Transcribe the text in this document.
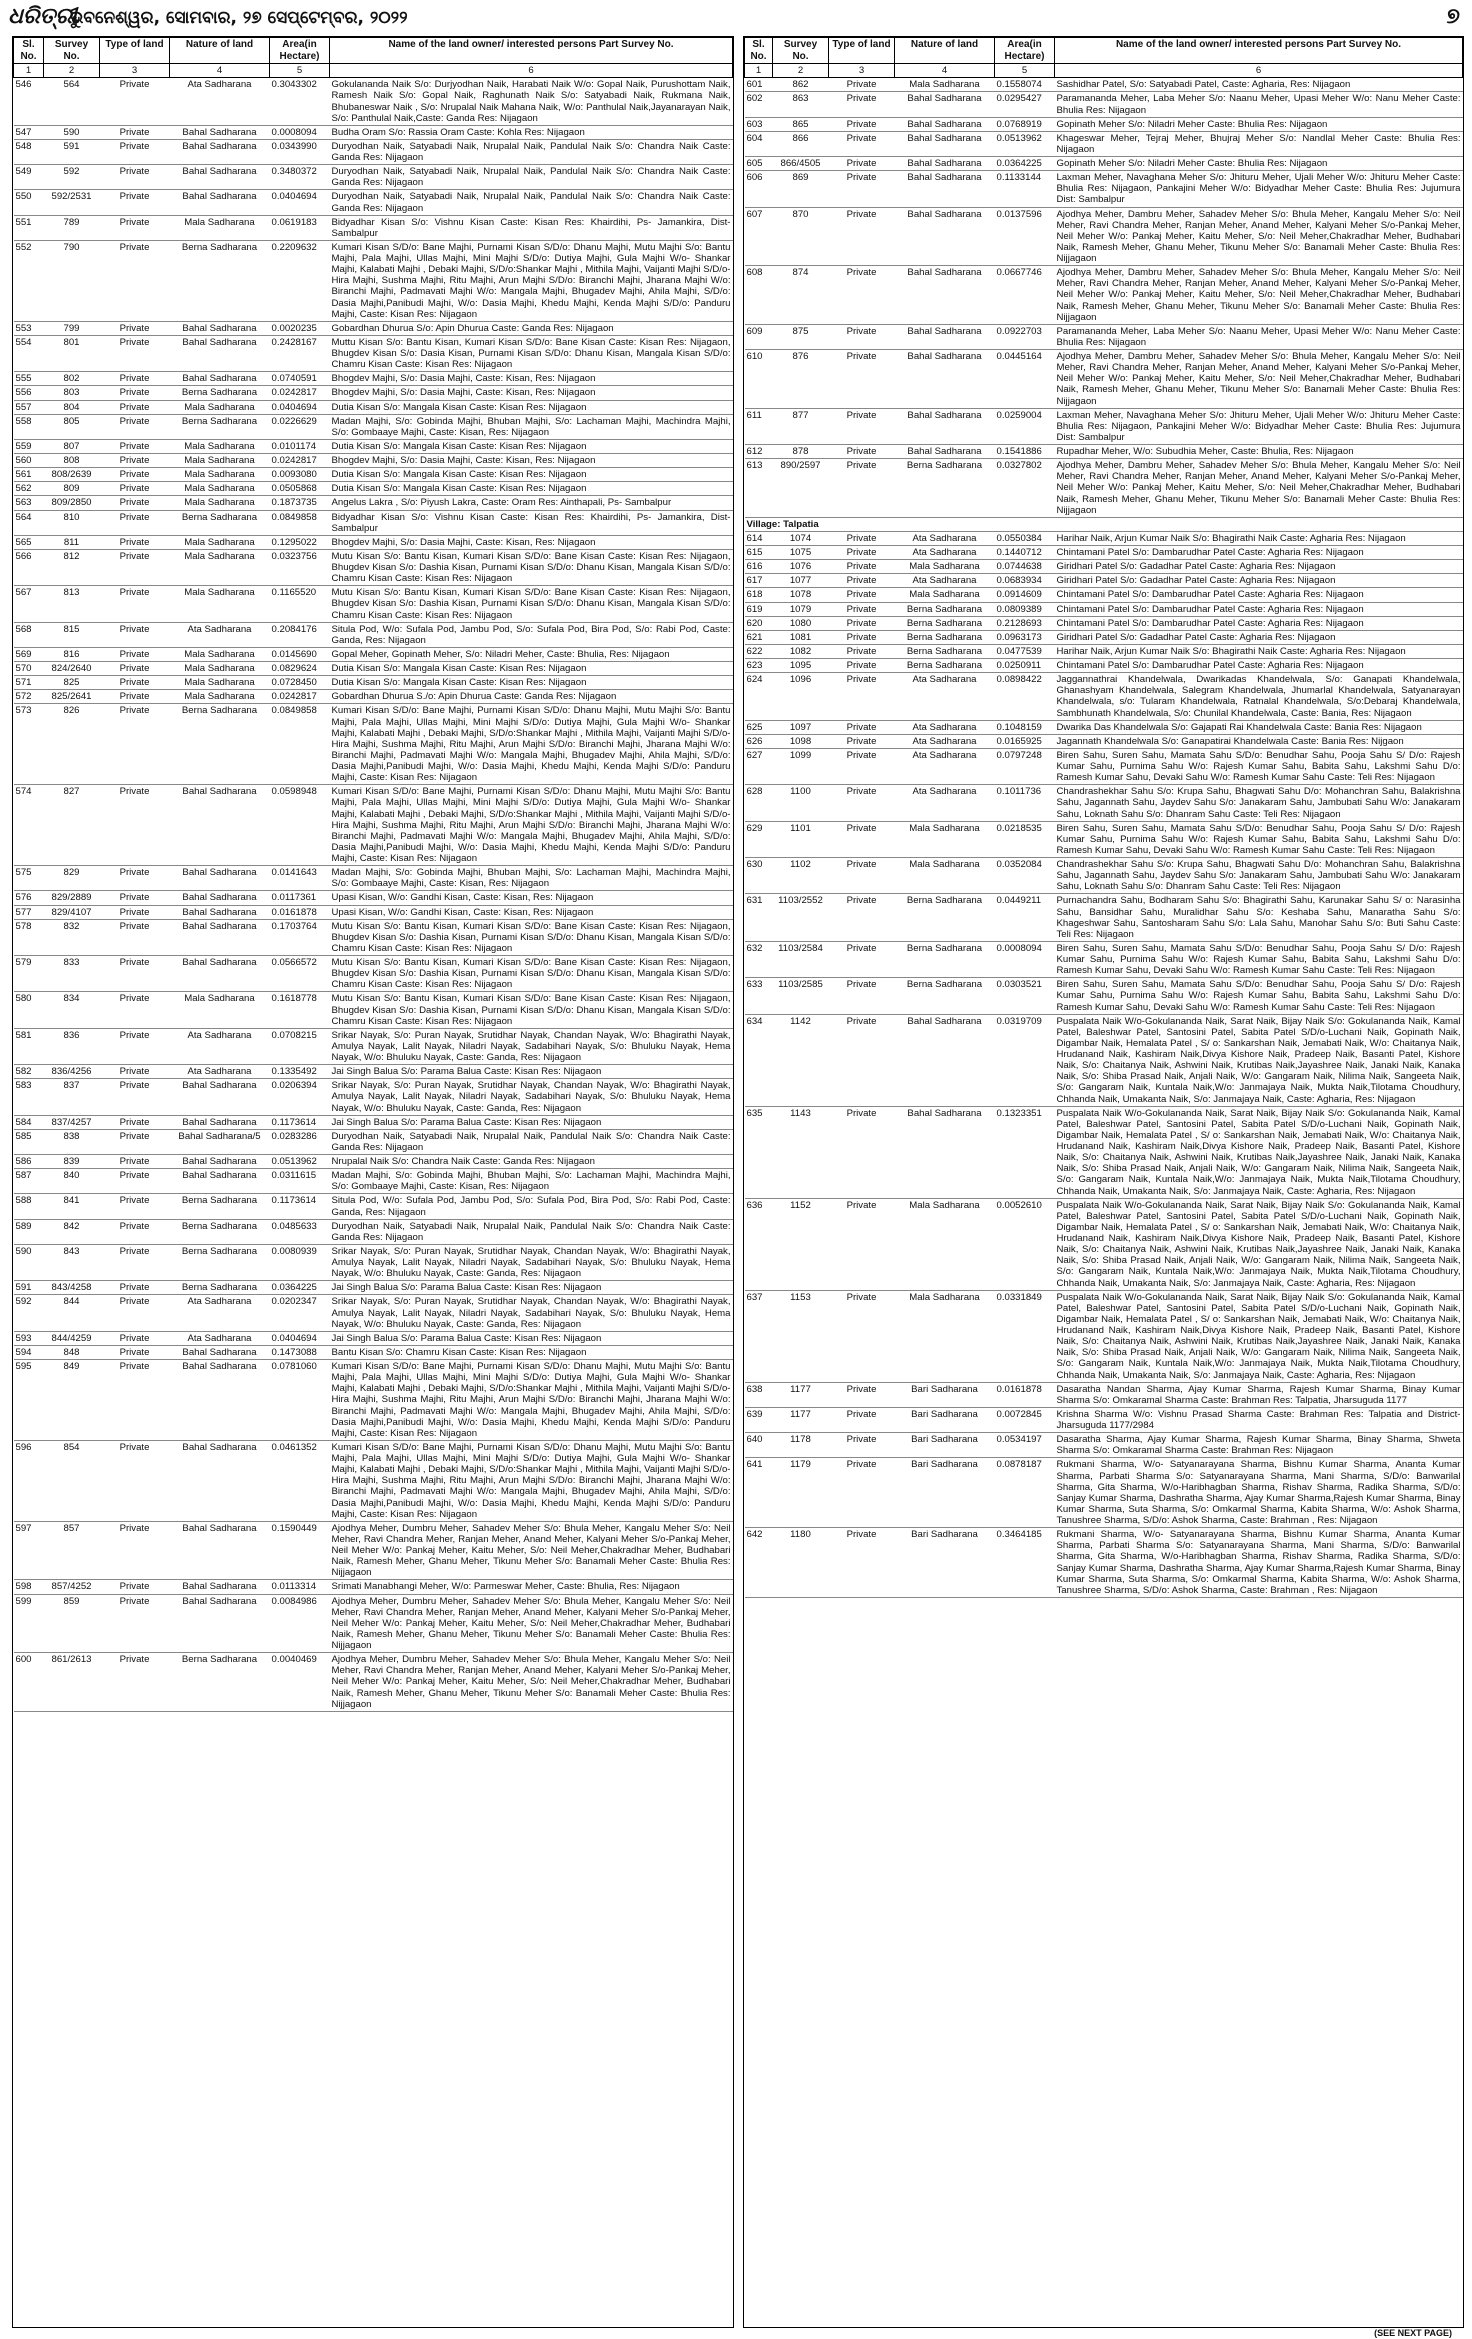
ଧରିତ୍ରୀ
ଭୁବନେଶ୍ୱର, ସୋମବାର, ୨୭ ସେପ୍ଟେମ୍ବର, ୨୦୨୨	୭
Sl. No.	Survey No.	Type of land	Nature of land	Area(in Hectare)	Name of the land owner/ interested persons Part Survey No.
1	2	3	4	5	6
546	564	Private	Ata Sadharana	0.3043302	Gokulananda Naik S/o: Durjyodhan Naik, Harabati Naik W/o: Gopal Naik, Purushottam Naik, Ramesh Naik S/o: Gopal Naik, Raghunath Naik S/o: Satyabadi Naik, Rukmana Naik, Bhubaneswar Naik , S/o: Nrupalal Naik Mahana Naik, W/o: Panthulal Naik,Jayanarayan Naik, S/o: Panthulal Naik,Caste: Ganda Res: Nijagaon
547	590	Private	Bahal Sadharana	0.0008094	Budha Oram S/o: Rassia Oram Caste: Kohla Res: Nijagaon
548	591	Private	Bahal Sadharana	0.0343990	Duryodhan Naik, Satyabadi Naik, Nrupalal Naik, Pandulal Naik S/o: Chandra Naik Caste: Ganda Res: Nijagaon
549	592	Private	Bahal Sadharana	0.3480372	Duryodhan Naik, Satyabadi Naik, Nrupalal Naik, Pandulal Naik S/o: Chandra Naik Caste: Ganda Res: Nijagaon
550	592/2531	Private	Bahal Sadharana	0.0404694	Duryodhan Naik, Satyabadi Naik, Nrupalal Naik, Pandulal Naik S/o: Chandra Naik Caste: Ganda Res: Nijagaon
551	789	Private	Mala Sadharana	0.0619183	Bidyadhar Kisan S/o: Vishnu Kisan Caste: Kisan Res: Khairdihi, Ps- Jamankira, Dist-Sambalpur
552	790	Private	Berna Sadharana	0.2209632	Kumari Kisan S/D/o: Bane Majhi, Purnami Kisan S/D/o: Dhanu Majhi, Mutu Majhi S/o: Bantu Majhi, Pala Majhi, Ullas Majhi, Mini Majhi S/D/o: Dutiya Majhi, Gula Majhi W/o- Shankar Majhi, Kalabati Majhi , Debaki Majhi, S/D/o:Shankar Majhi , Mithila Majhi, Vaijanti Majhi S/D/o- Hira Majhi, Sushma Majhi, Ritu Majhi, Arun Majhi S/D/o: Biranchi Majhi, Jharana Majhi W/o: Biranchi Majhi, Padmavati Majhi W/o: Mangala Majhi, Bhugadev Majhi, Ahila Majhi, S/D/o: Dasia Majhi,Panibudi Majhi, W/o: Dasia Majhi, Khedu Majhi, Kenda Majhi S/D/o: Panduru Majhi, Caste: Kisan Res: Nijagaon
553	799	Private	Bahal Sadharana	0.0020235	Gobardhan Dhurua S/o: Apin Dhurua Caste: Ganda Res: Nijagaon
554	801	Private	Bahal Sadharana	0.2428167	Muttu Kisan S/o: Bantu Kisan, Kumari Kisan S/D/o: Bane Kisan Caste: Kisan Res: Nijagaon, Bhugdev Kisan S/o: Dasia Kisan, Purnami Kisan S/D/o: Dhanu Kisan, Mangala Kisan S/D/o: Chamru Kisan Caste: Kisan Res: Nijagaon
555	802	Private	Bahal Sadharana	0.0740591	Bhogdev Majhi, S/o: Dasia Majhi, Caste: Kisan, Res: Nijagaon
556	803	Private	Berna Sadharana	0.0242817	Bhogdev Majhi, S/o: Dasia Majhi, Caste: Kisan, Res: Nijagaon
557	804	Private	Mala Sadharana	0.0404694	Dutia Kisan S/o: Mangala Kisan Caste: Kisan Res: Nijagaon
558	805	Private	Berna Sadharana	0.0226629	Madan Majhi, S/o: Gobinda Majhi, Bhuban Majhi, S/o: Lachaman Majhi, Machindra Majhi, S/o: Gombaaye Majhi, Caste: Kisan, Res: Nijagaon
559	807	Private	Mala Sadharana	0.0101174	Dutia Kisan S/o: Mangala Kisan Caste: Kisan Res: Nijagaon
560	808	Private	Mala Sadharana	0.0242817	Bhogdev Majhi, S/o: Dasia Majhi, Caste: Kisan, Res: Nijagaon
561	808/2639	Private	Mala Sadharana	0.0093080	Dutia Kisan S/o: Mangala Kisan Caste: Kisan Res: Nijagaon
562	809	Private	Mala Sadharana	0.0505868	Dutia Kisan S/o: Mangala Kisan Caste: Kisan Res: Nijagaon
563	809/2850	Private	Mala Sadharana	0.1873735	Angelus Lakra , S/o: Piyush Lakra, Caste: Oram Res: Ainthapali, Ps- Sambalpur
564	810	Private	Berna Sadharana	0.0849858	Bidyadhar Kisan S/o: Vishnu Kisan Caste: Kisan Res: Khairdihi, Ps- Jamankira, Dist-Sambalpur
565	811	Private	Mala Sadharana	0.1295022	Bhogdev Majhi, S/o: Dasia Majhi, Caste: Kisan, Res: Nijagaon
566	812	Private	Mala Sadharana	0.0323756	Mutu Kisan S/o: Bantu Kisan, Kumari Kisan S/D/o: Bane Kisan Caste: Kisan Res: Nijagaon, Bhugdev Kisan S/o: Dashia Kisan, Purnami Kisan S/D/o: Dhanu Kisan, Mangala Kisan S/D/o: Chamru Kisan Caste: Kisan Res: Nijagaon
567	813	Private	Mala Sadharana	0.1165520	Mutu Kisan S/o: Bantu Kisan, Kumari Kisan S/D/o: Bane Kisan Caste: Kisan Res: Nijagaon, Bhugdev Kisan S/o: Dashia Kisan, Purnami Kisan S/D/o: Dhanu Kisan, Mangala Kisan S/D/o: Chamru Kisan Caste: Kisan Res: Nijagaon
568	815	Private	Ata Sadharana	0.2084176	Situla Pod, W/o: Sufala Pod, Jambu Pod, S/o: Sufala Pod, Bira Pod, S/o: Rabi Pod, Caste: Ganda, Res: Nijagaon
569	816	Private	Mala Sadharana	0.0145690	Gopal Meher, Gopinath Meher, S/o: Niladri Meher, Caste: Bhulia, Res: Nijagaon
570	824/2640	Private	Mala Sadharana	0.0829624	Dutia Kisan S/o: Mangala Kisan Caste: Kisan Res: Nijagaon
571	825	Private	Mala Sadharana	0.0728450	Dutia Kisan S/o: Mangala Kisan Caste: Kisan Res: Nijagaon
572	825/2641	Private	Mala Sadharana	0.0242817	Gobardhan Dhurua S./o: Apin Dhurua Caste: Ganda Res: Nijagaon
573	826	Private	Berna Sadharana	0.0849858	Kumari Kisan S/D/o: Bane Majhi, Purnami Kisan S/D/o: Dhanu Majhi, Mutu Majhi S/o: Bantu Majhi, Pala Majhi, Ullas Majhi, Mini Majhi S/D/o: Dutiya Majhi, Gula Majhi W/o- Shankar Majhi, Kalabati Majhi , Debaki Majhi, S/D/o:Shankar Majhi , Mithila Majhi, Vaijanti Majhi S/D/o- Hira Majhi, Sushma Majhi, Ritu Majhi, Arun Majhi S/D/o: Biranchi Majhi, Jharana Majhi W/o: Biranchi Majhi, Padmavati Majhi W/o: Mangala Majhi, Bhugadev Majhi, Ahila Majhi, S/D/o: Dasia Majhi,Panibudi Majhi, W/o: Dasia Majhi, Khedu Majhi, Kenda Majhi S/D/o: Panduru Majhi, Caste: Kisan Res: Nijagaon
574	827	Private	Bahal Sadharana	0.0598948	Kumari Kisan S/D/o: Bane Majhi, Purnami Kisan S/D/o: Dhanu Majhi, Mutu Majhi S/o: Bantu Majhi, Pala Majhi, Ullas Majhi, Mini Majhi S/D/o: Dutiya Majhi, Gula Majhi W/o- Shankar Majhi, Kalabati Majhi , Debaki Majhi, S/D/o:Shankar Majhi , Mithila Majhi, Vaijanti Majhi S/D/o- Hira Majhi, Sushma Majhi, Ritu Majhi, Arun Majhi S/D/o: Biranchi Majhi, Jharana Majhi W/o: Biranchi Majhi, Padmavati Majhi W/o: Mangala Majhi, Bhugadev Majhi, Ahila Majhi, S/D/o: Dasia Majhi,Panibudi Majhi, W/o: Dasia Majhi, Khedu Majhi, Kenda Majhi S/D/o: Panduru Majhi, Caste: Kisan Res: Nijagaon
575	829	Private	Bahal Sadharana	0.0141643	Madan Majhi, S/o: Gobinda Majhi, Bhuban Majhi, S/o: Lachaman Majhi, Machindra Majhi, S/o: Gombaaye Majhi, Caste: Kisan, Res: Nijagaon
576	829/2889	Private	Bahal Sadharana	0.0117361	Upasi Kisan, W/o: Gandhi Kisan, Caste: Kisan, Res: Nijagaon
577	829/4107	Private	Bahal Sadharana	0.0161878	Upasi Kisan, W/o: Gandhi Kisan, Caste: Kisan, Res: Nijagaon
578	832	Private	Bahal Sadharana	0.1703764	Mutu Kisan S/o: Bantu Kisan, Kumari Kisan S/D/o: Bane Kisan Caste: Kisan Res: Nijagaon, Bhugdev Kisan S/o: Dashia Kisan, Purnami Kisan S/D/o: Dhanu Kisan, Mangala Kisan S/D/o: Chamru Kisan Caste: Kisan Res: Nijagaon
579	833	Private	Bahal Sadharana	0.0566572	Mutu Kisan S/o: Bantu Kisan, Kumari Kisan S/D/o: Bane Kisan Caste: Kisan Res: Nijagaon, Bhugdev Kisan S/o: Dashia Kisan, Purnami Kisan S/D/o: Dhanu Kisan, Mangala Kisan S/D/o: Chamru Kisan Caste: Kisan Res: Nijagaon
580	834	Private	Mala Sadharana	0.1618778	Mutu Kisan S/o: Bantu Kisan, Kumari Kisan S/D/o: Bane Kisan Caste: Kisan Res: Nijagaon, Bhugdev Kisan S/o: Dashia Kisan, Purnami Kisan S/D/o: Dhanu Kisan, Mangala Kisan S/D/o: Chamru Kisan Caste: Kisan Res: Nijagaon
581	836	Private	Ata Sadharana	0.0708215	Srikar Nayak, S/o: Puran Nayak, Srutidhar Nayak, Chandan Nayak, W/o: Bhagirathi Nayak, Amulya Nayak, Lalit Nayak, Niladri Nayak, Sadabihari Nayak, S/o: Bhuluku Nayak, Hema Nayak, W/o: Bhuluku Nayak, Caste: Ganda, Res: Nijagaon
582	836/4256	Private	Ata Sadharana	0.1335492	Jai Singh Balua S/o: Parama Balua Caste: Kisan Res: Nijagaon
583	837	Private	Bahal Sadharana	0.0206394	Srikar Nayak, S/o: Puran Nayak, Srutidhar Nayak, Chandan Nayak, W/o: Bhagirathi Nayak, Amulya Nayak, Lalit Nayak, Niladri Nayak, Sadabihari Nayak, S/o: Bhuluku Nayak, Hema Nayak, W/o: Bhuluku Nayak, Caste: Ganda, Res: Nijagaon
584	837/4257	Private	Bahal Sadharana	0.1173614	Jai Singh Balua S/o: Parama Balua Caste: Kisan Res: Nijagaon
585	838	Private	Bahal Sadharana/5	0.0283286	Duryodhan Naik, Satyabadi Naik, Nrupalal Naik, Pandulal Naik S/o: Chandra Naik Caste: Ganda Res: Nijagaon
586	839	Private	Bahal Sadharana	0.0513962	Nrupalal Naik S/o: Chandra Naik Caste: Ganda Res: Nijagaon
587	840	Private	Bahal Sadharana	0.0311615	Madan Majhi, S/o: Gobinda Majhi, Bhuban Majhi, S/o: Lachaman Majhi, Machindra Majhi, S/o: Gombaaye Majhi, Caste: Kisan, Res: Nijagaon
588	841	Private	Berna Sadharana	0.1173614	Situla Pod, W/o: Sufala Pod, Jambu Pod, S/o: Sufala Pod, Bira Pod, S/o: Rabi Pod, Caste: Ganda, Res: Nijagaon
589	842	Private	Berna Sadharana	0.0485633	Duryodhan Naik, Satyabadi Naik, Nrupalal Naik, Pandulal Naik S/o: Chandra Naik Caste: Ganda Res: Nijagaon
590	843	Private	Berna Sadharana	0.0080939	Srikar Nayak, S/o: Puran Nayak, Srutidhar Nayak, Chandan Nayak, W/o: Bhagirathi Nayak, Amulya Nayak, Lalit Nayak, Niladri Nayak, Sadabihari Nayak, S/o: Bhuluku Nayak, Hema Nayak, W/o: Bhuluku Nayak, Caste: Ganda, Res: Nijagaon
591	843/4258	Private	Berna Sadharana	0.0364225	Jai Singh Balua S/o: Parama Balua Caste: Kisan Res: Nijagaon
592	844	Private	Ata Sadharana	0.0202347	Srikar Nayak, S/o: Puran Nayak, Srutidhar Nayak, Chandan Nayak, W/o: Bhagirathi Nayak, Amulya Nayak, Lalit Nayak, Niladri Nayak, Sadabihari Nayak, S/o: Bhuluku Nayak, Hema Nayak, W/o: Bhuluku Nayak, Caste: Ganda, Res: Nijagaon
593	844/4259	Private	Ata Sadharana	0.0404694	Jai Singh Balua S/o: Parama Balua Caste: Kisan Res: Nijagaon
594	848	Private	Bahal Sadharana	0.1473088	Bantu Kisan S/o: Chamru Kisan Caste: Kisan Res: Nijagaon
595	849	Private	Bahal Sadharana	0.0781060	Kumari Kisan S/D/o: Bane Majhi, Purnami Kisan S/D/o: Dhanu Majhi, Mutu Majhi S/o: Bantu Majhi, Pala Majhi, Ullas Majhi, Mini Majhi S/D/o: Dutiya Majhi, Gula Majhi W/o- Shankar Majhi, Kalabati Majhi , Debaki Majhi, S/D/o:Shankar Majhi , Mithila Majhi, Vaijanti Majhi S/D/o- Hira Majhi, Sushma Majhi, Ritu Majhi, Arun Majhi S/D/o: Biranchi Majhi, Jharana Majhi W/o: Biranchi Majhi, Padmavati Majhi W/o: Mangala Majhi, Bhugadev Majhi, Ahila Majhi, S/D/o: Dasia Majhi,Panibudi Majhi, W/o: Dasia Majhi, Khedu Majhi, Kenda Majhi S/D/o: Panduru Majhi, Caste: Kisan Res: Nijagaon
596	854	Private	Bahal Sadharana	0.0461352	Kumari Kisan S/D/o: Bane Majhi, Purnami Kisan S/D/o: Dhanu Majhi, Mutu Majhi S/o: Bantu Majhi, Pala Majhi, Ullas Majhi, Mini Majhi S/D/o: Dutiya Majhi, Gula Majhi W/o- Shankar Majhi, Kalabati Majhi , Debaki Majhi, S/D/o:Shankar Majhi , Mithila Majhi, Vaijanti Majhi S/D/o- Hira Majhi, Sushma Majhi, Ritu Majhi, Arun Majhi S/D/o: Biranchi Majhi, Jharana Majhi W/o: Biranchi Majhi, Padmavati Majhi W/o: Mangala Majhi, Bhugadev Majhi, Ahila Majhi, S/D/o: Dasia Majhi,Panibudi Majhi, W/o: Dasia Majhi, Khedu Majhi, Kenda Majhi S/D/o: Panduru Majhi, Caste: Kisan Res: Nijagaon
597	857	Private	Bahal Sadharana	0.1590449	Ajodhya Meher, Dumbru Meher, Sahadev Meher S/o: Bhula Meher, Kangalu Meher S/o: Neil Meher, Ravi Chandra Meher, Ranjan Meher, Anand Meher, Kalyani Meher S/o-Pankaj Meher, Neil Meher W/o: Pankaj Meher, Kaitu Meher, S/o: Neil Meher,Chakradhar Meher, Budhabari Naik, Ramesh Meher, Ghanu Meher, Tikunu Meher S/o: Banamali Meher Caste: Bhulia Res: Nijjagaon
598	857/4252	Private	Bahal Sadharana	0.0113314	Srimati Manabhangi Meher, W/o: Parmeswar Meher, Caste: Bhulia, Res: Nijagaon
599	859	Private	Bahal Sadharana	0.0084986	Ajodhya Meher, Dumbru Meher, Sahadev Meher S/o: Bhula Meher, Kangalu Meher S/o: Neil Meher, Ravi Chandra Meher, Ranjan Meher, Anand Meher, Kalyani Meher S/o-Pankaj Meher, Neil Meher W/o: Pankaj Meher, Kaitu Meher, S/o: Neil Meher,Chakradhar Meher, Budhabari Naik, Ramesh Meher, Ghanu Meher, Tikunu Meher S/o: Banamali Meher Caste: Bhulia Res: Nijjagaon
600	861/2613	Private	Berna Sadharana	0.0040469	Ajodhya Meher, Dumbru Meher, Sahadev Meher S/o: Bhula Meher, Kangalu Meher S/o: Neil Meher, Ravi Chandra Meher, Ranjan Meher, Anand Meher, Kalyani Meher S/o-Pankaj Meher, Neil Meher W/o: Pankaj Meher, Kaitu Meher, S/o: Neil Meher,Chakradhar Meher, Budhabari Naik, Ramesh Meher, Ghanu Meher, Tikunu Meher S/o: Banamali Meher Caste: Bhulia Res: Nijjagaon
Sl. No.	Survey No.	Type of land	Nature of land	Area(in Hectare)	Name of the land owner/ interested persons Part Survey No.
1	2	3	4	5	6
601	862	Private	Mala Sadharana	0.1558074	Sashidhar Patel, S/o: Satyabadi Patel, Caste: Agharia, Res: Nijagaon
602	863	Private	Bahal Sadharana	0.0295427	Paramananda Meher, Laba Meher S/o: Naanu Meher, Upasi Meher W/o: Nanu Meher Caste: Bhulia Res: Nijagaon
603	865	Private	Bahal Sadharana	0.0768919	Gopinath Meher S/o: Niladri Meher Caste: Bhulia Res: Nijagaon
604	866	Private	Bahal Sadharana	0.0513962	Khageswar Meher, Tejraj Meher, Bhujraj Meher S/o: Nandlal Meher Caste: Bhulia Res: Nijagaon
605	866/4505	Private	Bahal Sadharana	0.0364225	Gopinath Meher S/o: Niladri Meher Caste: Bhulia Res: Nijagaon
606	869	Private	Bahal Sadharana	0.1133144	Laxman Meher, Navaghana Meher S/o: Jhituru Meher, Ujali Meher W/o: Jhituru Meher Caste: Bhulia Res: Nijagaon, Pankajini Meher W/o: Bidyadhar Meher Caste: Bhulia Res: Jujumura Dist: Sambalpur
607	870	Private	Bahal Sadharana	0.0137596	Ajodhya Meher, Dambru Meher, Sahadev Meher S/o: Bhula Meher, Kangalu Meher S/o: Neil Meher, Ravi Chandra Meher, Ranjan Meher, Anand Meher, Kalyani Meher S/o-Pankaj Meher, Neil Meher W/o: Pankaj Meher, Kaitu Meher, S/o: Neil Meher,Chakradhar Meher, Budhabari Naik, Ramesh Meher, Ghanu Meher, Tikunu Meher S/o: Banamali Meher Caste: Bhulia Res: Nijjagaon
608	874	Private	Bahal Sadharana	0.0667746	Ajodhya Meher, Dambru Meher, Sahadev Meher S/o: Bhula Meher, Kangalu Meher S/o: Neil Meher, Ravi Chandra Meher, Ranjan Meher, Anand Meher, Kalyani Meher S/o-Pankaj Meher, Neil Meher W/o: Pankaj Meher, Kaitu Meher, S/o: Neil Meher,Chakradhar Meher, Budhabari Naik, Ramesh Meher, Ghanu Meher, Tikunu Meher S/o: Banamali Meher Caste: Bhulia Res: Nijjagaon
609	875	Private	Bahal Sadharana	0.0922703	Paramananda Meher, Laba Meher S/o: Naanu Meher, Upasi Meher W/o: Nanu Meher Caste: Bhulia Res: Nijagaon
610	876	Private	Bahal Sadharana	0.0445164	Ajodhya Meher, Dambru Meher, Sahadev Meher S/o: Bhula Meher, Kangalu Meher S/o: Neil Meher, Ravi Chandra Meher, Ranjan Meher, Anand Meher, Kalyani Meher S/o-Pankaj Meher, Neil Meher W/o: Pankaj Meher, Kaitu Meher, S/o: Neil Meher,Chakradhar Meher, Budhabari Naik, Ramesh Meher, Ghanu Meher, Tikunu Meher S/o: Banamali Meher Caste: Bhulia Res: Nijjagaon
611	877	Private	Bahal Sadharana	0.0259004	Laxman Meher, Navaghana Meher S/o: Jhituru Meher, Ujali Meher W/o: Jhituru Meher Caste: Bhulia Res: Nijagaon, Pankajini Meher W/o: Bidyadhar Meher Caste: Bhulia Res: Jujumura Dist: Sambalpur
612	878	Private	Bahal Sadharana	0.1541886	Rupadhar Meher, W/o: Subudhia Meher, Caste: Bhulia, Res: Nijagaon
613	890/2597	Private	Berna Sadharana	0.0327802	Ajodhya Meher, Dambru Meher, Sahadev Meher S/o: Bhula Meher, Kangalu Meher S/o: Neil Meher, Ravi Chandra Meher, Ranjan Meher, Anand Meher, Kalyani Meher S/o-Pankaj Meher, Neil Meher W/o: Pankaj Meher, Kaitu Meher, S/o: Neil Meher,Chakradhar Meher, Budhabari Naik, Ramesh Meher, Ghanu Meher, Tikunu Meher S/o: Banamali Meher Caste: Bhulia Res: Nijjagaon
Village: Talpatia					
614	1074	Private	Ata Sadharana	0.0550384	Harihar Naik, Arjun Kumar Naik S/o: Bhagirathi Naik Caste: Agharia Res: Nijagaon
615	1075	Private	Ata Sadharana	0.1440712	Chintamani Patel S/o: Dambarudhar Patel Caste: Agharia Res: Nijagaon
616	1076	Private	Mala Sadharana	0.0744638	Giridhari Patel S/o: Gadadhar Patel Caste: Agharia Res: Nijagaon
617	1077	Private	Ata Sadharana	0.0683934	Giridhari Patel S/o: Gadadhar Patel Caste: Agharia Res: Nijagaon
618	1078	Private	Mala Sadharana	0.0914609	Chintamani Patel S/o: Dambarudhar Patel Caste: Agharia Res: Nijagaon
619	1079	Private	Berna Sadharana	0.0809389	Chintamani Patel S/o: Dambarudhar Patel Caste: Agharia Res: Nijagaon
620	1080	Private	Berna Sadharana	0.2128693	Chintamani Patel S/o: Dambarudhar Patel Caste: Agharia Res: Nijagaon
621	1081	Private	Berna Sadharana	0.0963173	Giridhari Patel S/o: Gadadhar Patel Caste: Agharia Res: Nijagaon
622	1082	Private	Berna Sadharana	0.0477539	Harihar Naik, Arjun Kumar Naik S/o: Bhagirathi Naik Caste: Agharia Res: Nijagaon
623	1095	Private	Berna Sadharana	0.0250911	Chintamani Patel S/o: Dambarudhar Patel Caste: Agharia Res: Nijagaon
624	1096	Private	Ata Sadharana	0.0898422	Jaggannathrai Khandelwala, Dwarikadas Khandelwala, S/o: Ganapati Khandelwala, Ghanashyam Khandelwala, Salegram Khandelwala, Jhumarlal Khandelwala, Satyanarayan Khandelwala, s/o: Tularam Khandelwala, Ratnalal Khandelwala, S/o:Debaraj Khandelwala, Sambhunath Khandelwala, S/o: Chunilal Khandelwala, Caste: Bania, Res: Nijagaon
625	1097	Private	Ata Sadharana	0.1048159	Dwarika Das Khandelwala S/o: Gajapati Rai Khandelwala Caste: Bania Res: Nijagaon
626	1098	Private	Ata Sadharana	0.0165925	Jagannath Khandelwala S/o: Ganapatirai Khandelwala Caste: Bania Res: Nijgaon
627	1099	Private	Ata Sadharana	0.0797248	Biren Sahu, Suren Sahu, Mamata Sahu S/D/o: Benudhar Sahu, Pooja Sahu S/ D/o: Rajesh Kumar Sahu, Purnima Sahu W/o: Rajesh Kumar Sahu, Babita Sahu, Lakshmi Sahu D/o: Ramesh Kumar Sahu, Devaki Sahu W/o: Ramesh Kumar Sahu Caste: Teli Res: Nijagaon
628	1100	Private	Ata Sadharana	0.1011736	Chandrashekhar Sahu S/o: Krupa Sahu, Bhagwati Sahu D/o: Mohanchran Sahu, Balakrishna Sahu, Jagannath Sahu, Jaydev Sahu S/o: Janakaram Sahu, Jambubati Sahu W/o: Janakaram Sahu, Loknath Sahu S/o: Dhanram Sahu Caste: Teli Res: Nijagaon
629	1101	Private	Mala Sadharana	0.0218535	Biren Sahu, Suren Sahu, Mamata Sahu S/D/o: Benudhar Sahu, Pooja Sahu S/ D/o: Rajesh Kumar Sahu, Purnima Sahu W/o: Rajesh Kumar Sahu, Babita Sahu, Lakshmi Sahu D/o: Ramesh Kumar Sahu, Devaki Sahu W/o: Ramesh Kumar Sahu Caste: Teli Res: Nijagaon
630	1102	Private	Mala Sadharana	0.0352084	Chandrashekhar Sahu S/o: Krupa Sahu, Bhagwati Sahu D/o: Mohanchran Sahu, Balakrishna Sahu, Jagannath Sahu, Jaydev Sahu S/o: Janakaram Sahu, Jambubati Sahu W/o: Janakaram Sahu, Loknath Sahu S/o: Dhanram Sahu Caste: Teli Res: Nijagaon
631	1103/2552	Private	Berna Sadharana	0.0449211	Purnachandra Sahu, Bodharam Sahu S/o: Bhagirathi Sahu, Karunakar Sahu S/ o: Narasinha Sahu, Bansidhar Sahu, Muralidhar Sahu S/o: Keshaba Sahu, Manaratha Sahu S/o: Khageshwar Sahu, Santosharam Sahu S/o: Lala Sahu, Manohar Sahu S/o: Buti Sahu Caste: Teli Res: Nijagaon
632	1103/2584	Private	Berna Sadharana	0.0008094	Biren Sahu, Suren Sahu, Mamata Sahu S/D/o: Benudhar Sahu, Pooja Sahu S/ D/o: Rajesh Kumar Sahu, Purnima Sahu W/o: Rajesh Kumar Sahu, Babita Sahu, Lakshmi Sahu D/o: Ramesh Kumar Sahu, Devaki Sahu W/o: Ramesh Kumar Sahu Caste: Teli Res: Nijagaon
633	1103/2585	Private	Berna Sadharana	0.0303521	Biren Sahu, Suren Sahu, Mamata Sahu S/D/o: Benudhar Sahu, Pooja Sahu S/ D/o: Rajesh Kumar Sahu, Purnima Sahu W/o: Rajesh Kumar Sahu, Babita Sahu, Lakshmi Sahu D/o: Ramesh Kumar Sahu, Devaki Sahu W/o: Ramesh Kumar Sahu Caste: Teli Res: Nijagaon
634	1142	Private	Bahal Sadharana	0.0319709	Puspalata Naik W/o-Gokulananda Naik, Sarat Naik, Bijay Naik S/o: Gokulananda Naik, Kamal Patel, Baleshwar Patel, Santosini Patel, Sabita Patel S/D/o-Luchani Naik, Gopinath Naik, Digambar Naik, Hemalata Patel , S/ o: Sankarshan Naik, Jemabati Naik, W/o: Chaitanya Naik, Hrudanand Naik, Kashiram Naik,Divya Kishore Naik, Pradeep Naik, Basanti Patel, Kishore Naik, S/o: Chaitanya Naik, Ashwini Naik, Krutibas Naik,Jayashree Naik, Janaki Naik, Kanaka Naik, S/o: Shiba Prasad Naik, Anjali Naik, W/o: Gangaram Naik, Nilima Naik, Sangeeta Naik, S/o: Gangaram Naik, Kuntala Naik,W/o: Janmajaya Naik, Mukta Naik,Tilotama Choudhury, Chhanda Naik, Umakanta Naik, S/o: Janmajaya Naik, Caste: Agharia, Res: Nijagaon
635	1143	Private	Bahal Sadharana	0.1323351	Puspalata Naik W/o-Gokulananda Naik, Sarat Naik, Bijay Naik S/o: Gokulananda Naik, Kamal Patel, Baleshwar Patel, Santosini Patel, Sabita Patel S/D/o-Luchani Naik, Gopinath Naik, Digambar Naik, Hemalata Patel , S/ o: Sankarshan Naik, Jemabati Naik, W/o: Chaitanya Naik, Hrudanand Naik, Kashiram Naik,Divya Kishore Naik, Pradeep Naik, Basanti Patel, Kishore Naik, S/o: Chaitanya Naik, Ashwini Naik, Krutibas Naik,Jayashree Naik, Janaki Naik, Kanaka Naik, S/o: Shiba Prasad Naik, Anjali Naik, W/o: Gangaram Naik, Nilima Naik, Sangeeta Naik, S/o: Gangaram Naik, Kuntala Naik,W/o: Janmajaya Naik, Mukta Naik,Tilotama Choudhury, Chhanda Naik, Umakanta Naik, S/o: Janmajaya Naik, Caste: Agharia, Res: Nijagaon
636	1152	Private	Mala Sadharana	0.0052610	Puspalata Naik W/o-Gokulananda Naik, Sarat Naik, Bijay Naik S/o: Gokulananda Naik, Kamal Patel, Baleshwar Patel, Santosini Patel, Sabita Patel S/D/o-Luchani Naik, Gopinath Naik, Digambar Naik, Hemalata Patel , S/ o: Sankarshan Naik, Jemabati Naik, W/o: Chaitanya Naik, Hrudanand Naik, Kashiram Naik,Divya Kishore Naik, Pradeep Naik, Basanti Patel, Kishore Naik, S/o: Chaitanya Naik, Ashwini Naik, Krutibas Naik,Jayashree Naik, Janaki Naik, Kanaka Naik, S/o: Shiba Prasad Naik, Anjali Naik, W/o: Gangaram Naik, Nilima Naik, Sangeeta Naik, S/o: Gangaram Naik, Kuntala Naik,W/o: Janmajaya Naik, Mukta Naik,Tilotama Choudhury, Chhanda Naik, Umakanta Naik, S/o: Janmajaya Naik, Caste: Agharia, Res: Nijagaon
637	1153	Private	Mala Sadharana	0.0331849	Puspalata Naik W/o-Gokulananda Naik, Sarat Naik, Bijay Naik S/o: Gokulananda Naik, Kamal Patel, Baleshwar Patel, Santosini Patel, Sabita Patel S/D/o-Luchani Naik, Gopinath Naik, Digambar Naik, Hemalata Patel , S/ o: Sankarshan Naik, Jemabati Naik, W/o: Chaitanya Naik, Hrudanand Naik, Kashiram Naik,Divya Kishore Naik, Pradeep Naik, Basanti Patel, Kishore Naik, S/o: Chaitanya Naik, Ashwini Naik, Krutibas Naik,Jayashree Naik, Janaki Naik, Kanaka Naik, S/o: Shiba Prasad Naik, Anjali Naik, W/o: Gangaram Naik, Nilima Naik, Sangeeta Naik, S/o: Gangaram Naik, Kuntala Naik,W/o: Janmajaya Naik, Mukta Naik,Tilotama Choudhury, Chhanda Naik, Umakanta Naik, S/o: Janmajaya Naik, Caste: Agharia, Res: Nijagaon
638	1177	Private	Bari Sadharana	0.0161878	Dasaratha Nandan Sharma, Ajay Kumar Sharma, Rajesh Kumar Sharma, Binay Kumar Sharma S/o: Omkaramal Sharma Caste: Brahman Res: Talpatia, Jharsuguda 1177
639	1177	Private	Bari Sadharana	0.0072845	Krishna Sharma W/o: Vishnu Prasad Sharma Caste: Brahman Res: Talpatia and District- Jharsuguda 1177/2984
640	1178	Private	Bari Sadharana	0.0534197	Dasaratha Sharma, Ajay Kumar Sharma, Rajesh Kumar Sharma, Binay Sharma, Shweta Sharma S/o: Omkaramal Sharma Caste: Brahman Res: Nijagaon
641	1179	Private	Bari Sadharana	0.0878187	Rukmani Sharma, W/o- Satyanarayana Sharma, Bishnu Kumar Sharma, Ananta Kumar Sharma, Parbati Sharma S/o: Satyanarayana Sharma, Mani Sharma, S/D/o: Banwarilal Sharma, Gita Sharma, W/o-Haribhagban Sharma, Rishav Sharma, Radika Sharma, S/D/o: Sanjay Kumar Sharma, Dashratha Sharma, Ajay Kumar Sharma,Rajesh Kumar Sharma, Binay Kumar Sharma, Suta Sharma, S/o: Omkarmal Sharma, Kabita Sharma, W/o: Ashok Sharma, Tanushree Sharma, S/D/o: Ashok Sharma, Caste: Brahman , Res: Nijagaon
642	1180	Private	Bari Sadharana	0.3464185	Rukmani Sharma, W/o- Satyanarayana Sharma, Bishnu Kumar Sharma, Ananta Kumar Sharma, Parbati Sharma S/o: Satyanarayana Sharma, Mani Sharma, S/D/o: Banwarilal Sharma, Gita Sharma, W/o-Haribhagban Sharma, Rishav Sharma, Radika Sharma, S/D/o: Sanjay Kumar Sharma, Dashratha Sharma, Ajay Kumar Sharma,Rajesh Kumar Sharma, Binay Kumar Sharma, Suta Sharma, S/o: Omkarmal Sharma, Kabita Sharma, W/o: Ashok Sharma, Tanushree Sharma, S/D/o: Ashok Sharma, Caste: Brahman , Res: Nijagaon
(SEE NEXT PAGE)
